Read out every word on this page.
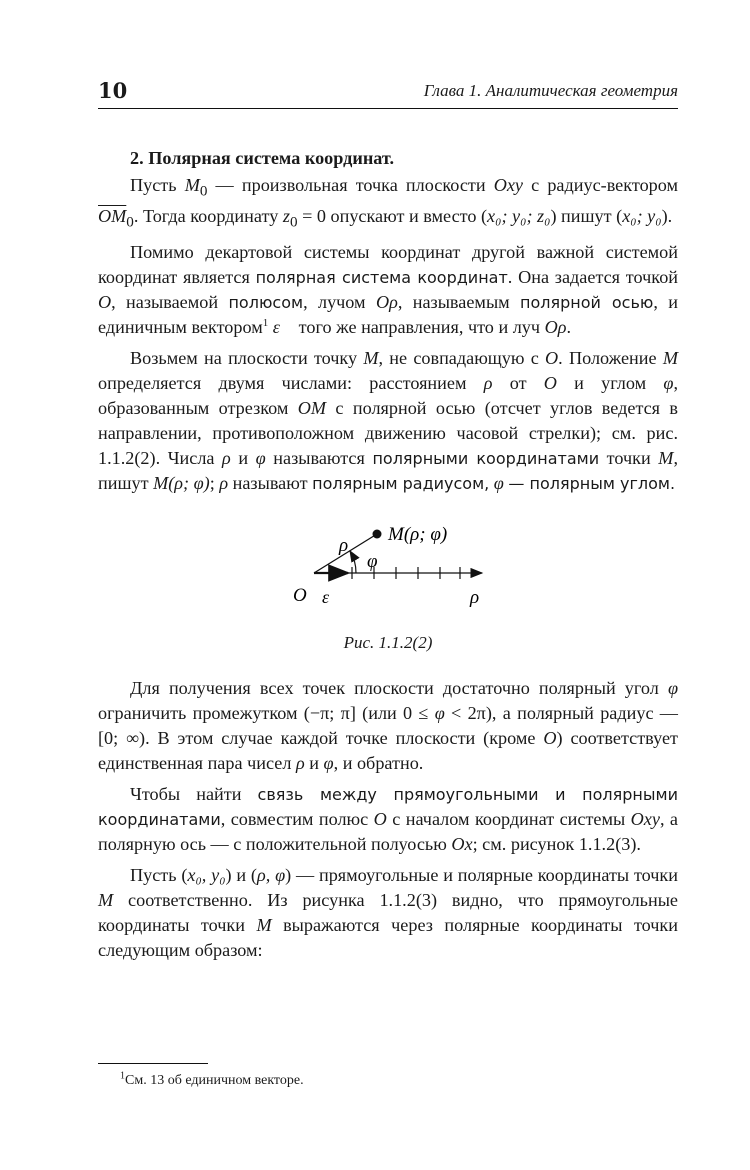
10	Глава 1. Аналитическая геометрия
2. Полярная система координат.

Пусть $M_0$ — произвольная точка плоскости Oxy с радиус-вектором $\overline{OM}_0$. Тогда координату $z_0 = 0$ опускают и вместо (x₀; y₀; z₀) пишут (x₀; y₀).

Помимо декартовой системы координат другой важной системой координат является полярная система координат. Она задается точкой O, называемой полюсом, лучом Oρ, называемым полярной осью, и единичным вектором$^1$ ε⃗ того же направления, что и луч Oρ.

Возьмем на плоскости точку M, не совпадающую с O. Положение M определяется двумя числами: расстоянием ρ от O и углом φ, образованным отрезком OM с полярной осью (отсчет углов ведется в направлении, противоположном движению часовой стрелки); см. рис. 1.1.2(2). Числа ρ и φ называются полярными координатами точки M, пишут M(ρ; φ); ρ называют полярным радиусом, φ — полярным углом.

M(ρ; φ)
ρ
φ
O ε⃗	ρ
Рис. 1.1.2(2)

Для получения всех точек плоскости достаточно полярный угол φ ограничить промежутком (−π; π] (или 0 ≤ φ < 2π), а полярный радиус — [0; ∞). В этом случае каждой точке плоскости (кроме O) соответствует единственная пара чисел ρ и φ, и обратно.

Чтобы найти связь между прямоугольными и полярными координатами, совместим полюс O с началом координат системы Oxy, а полярную ось — с положительной полуосью Ox; см. рисунок 1.1.2(3).

Пусть (x₀, y₀) и (ρ, φ) — прямоугольные и полярные координаты точки M соответственно. Из рисунка 1.1.2(3) видно, что прямоугольные координаты точки M выражаются через полярные координаты точки следующим образом:

$^1$См. 13 об единичном векторе.
